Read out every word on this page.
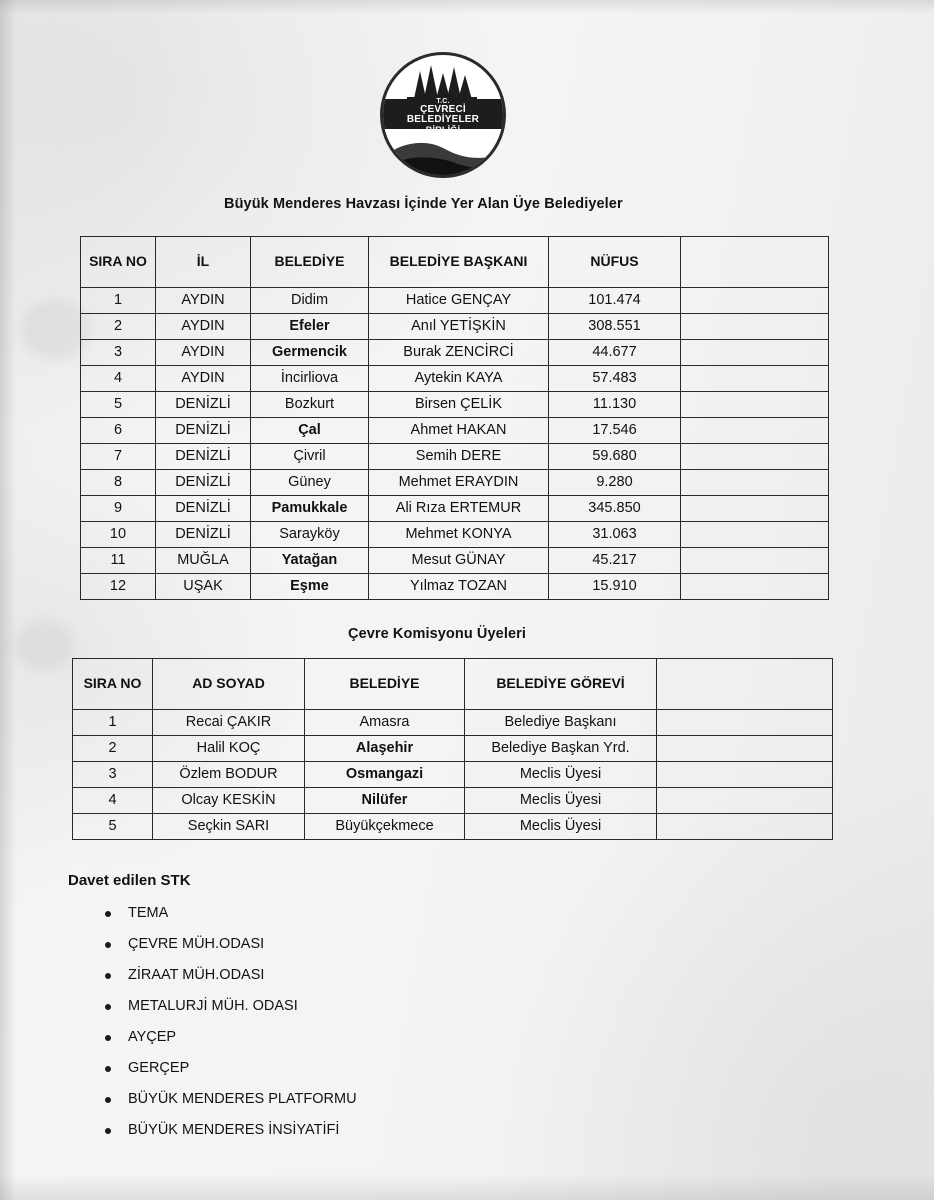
T.C.
ÇEVRECİ BELEDİYELER
BİRLİĞİ
Büyük Menderes Havzası İçinde Yer Alan Üye Belediyeler
SIRA NO	İL	BELEDİYE	BELEDİYE BAŞKANI	NÜFUS	
1	AYDIN	Didim	Hatice GENÇAY	101.474	
2	AYDIN	Efeler	Anıl YETİŞKİN	308.551	
3	AYDIN	Germencik	Burak ZENCİRCİ	44.677	
4	AYDIN	İncirliova	Aytekin KAYA	57.483	
5	DENİZLİ	Bozkurt	Birsen ÇELİK	11.130	
6	DENİZLİ	Çal	Ahmet HAKAN	17.546	
7	DENİZLİ	Çivril	Semih DERE	59.680	
8	DENİZLİ	Güney	Mehmet ERAYDIN	9.280	
9	DENİZLİ	Pamukkale	Ali Rıza ERTEMUR	345.850	
10	DENİZLİ	Sarayköy	Mehmet KONYA	31.063	
11	MUĞLA	Yatağan	Mesut GÜNAY	45.217	
12	UŞAK	Eşme	Yılmaz TOZAN	15.910	
Çevre Komisyonu Üyeleri
SIRA NO	AD SOYAD	BELEDİYE	BELEDİYE GÖREVİ	
1	Recai ÇAKIR	Amasra	Belediye Başkanı	
2	Halil KOÇ	Alaşehir	Belediye Başkan Yrd.	
3	Özlem BODUR	Osmangazi	Meclis Üyesi	
4	Olcay KESKİN	Nilüfer	Meclis Üyesi	
5	Seçkin SARI	Büyükçekmece	Meclis Üyesi	
Davet edilen STK
TEMA
ÇEVRE MÜH.ODASI
ZİRAAT MÜH.ODASI
METALURJİ MÜH. ODASI
AYÇEP
GERÇEP
BÜYÜK MENDERES PLATFORMU
BÜYÜK MENDERES İNSİYATİFİ
